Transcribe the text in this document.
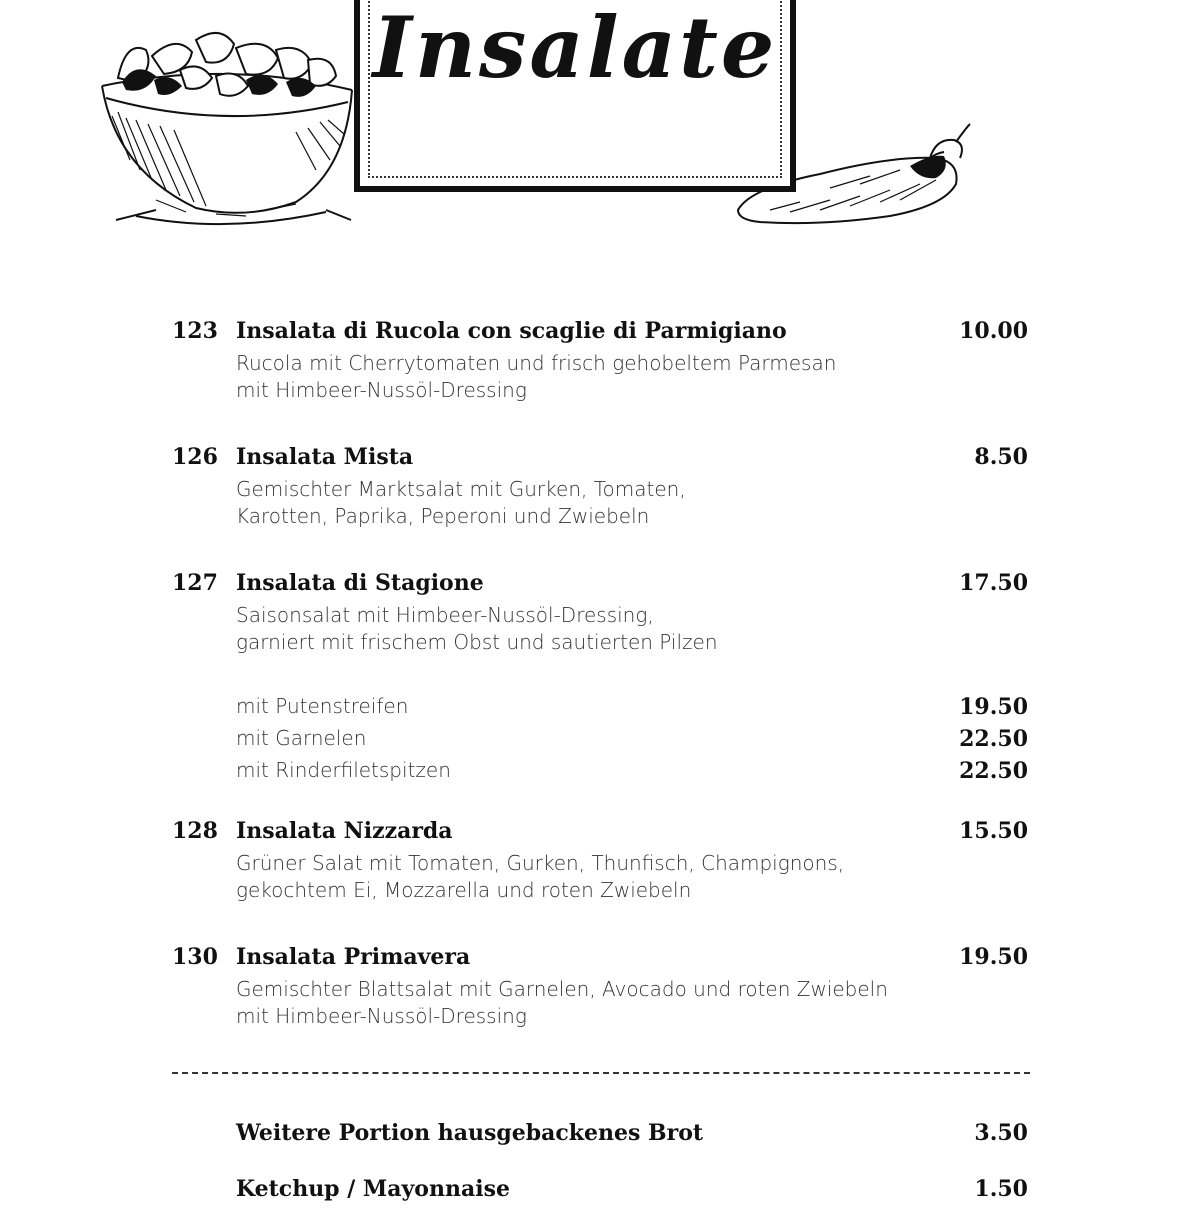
Insalate
123 Insalata di Rucola con scaglie di Parmigiano	10.00
Rucola mit Cherrytomaten und frisch gehobeltem Parmesan
mit Himbeer-Nussöl-Dressing
126 Insalata Mista	8.50
Gemischter Marktsalat mit Gurken, Tomaten,
Karotten, Paprika, Peperoni und Zwiebeln
127 Insalata di Stagione	17.50
Saisonsalat mit Himbeer-Nussöl-Dressing,
garniert mit frischem Obst und sautierten Pilzen
mit Putenstreifen	19.50
mit Garnelen	22.50
mit Rinderfiletspitzen	22.50
128 Insalata Nizzarda	15.50
Grüner Salat mit Tomaten, Gurken, Thunfisch, Champignons,
gekochtem Ei, Mozzarella und roten Zwiebeln
130 Insalata Primavera	19.50
Gemischter Blattsalat mit Garnelen, Avocado und roten Zwiebeln
mit Himbeer-Nussöl-Dressing
Weitere Portion hausgebackenes Brot	3.50
Ketchup / Mayonnaise	1.50
